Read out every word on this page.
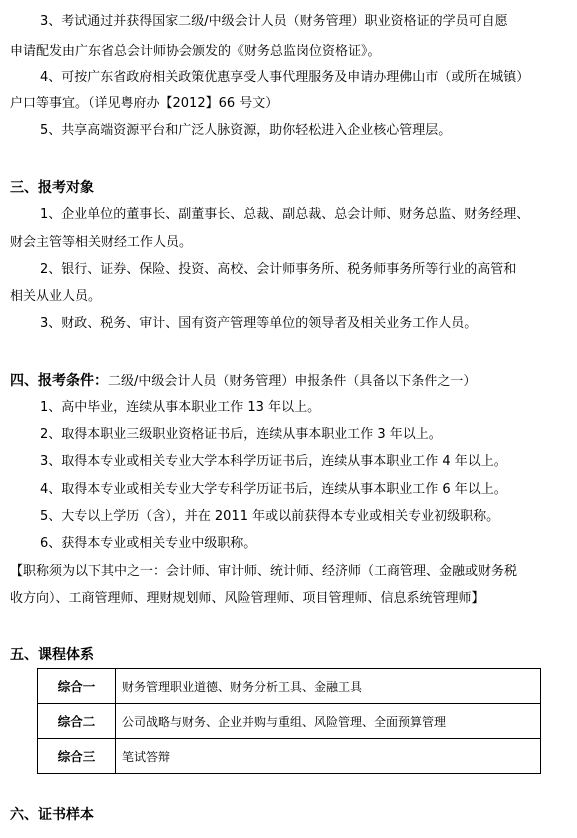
3、考试通过并获得国家二级/中级会计人员（财务管理）职业资格证的学员可自愿
申请配发由广东省总会计师协会颁发的《财务总监岗位资格证》。
4、可按广东省政府相关政策优惠享受人事代理服务及申请办理佛山市（或所在城镇）
户口等事宜。（详见粤府办【2012】66 号文）
5、共享高端资源平台和广泛人脉资源，助你轻松进入企业核心管理层。
三、报考对象
1、企业单位的董事长、副董事长、总裁、副总裁、总会计师、财务总监、财务经理、
财会主管等相关财经工作人员。
2、银行、证券、保险、投资、高校、会计师事务所、税务师事务所等行业的高管和
相关从业人员。
3、财政、税务、审计、国有资产管理等单位的领导者及相关业务工作人员。
四、报考条件：二级/中级会计人员（财务管理）申报条件（具备以下条件之一）
1、高中毕业，连续从事本职业工作 13 年以上。
2、取得本职业三级职业资格证书后，连续从事本职业工作 3 年以上。
3、取得本专业或相关专业大学本科学历证书后，连续从事本职业工作 4 年以上。
4、取得本专业或相关专业大学专科学历证书后，连续从事本职业工作 6 年以上。
5、大专以上学历（含），并在 2011 年或以前获得本专业或相关专业初级职称。
6、获得本专业或相关专业中级职称。
【职称须为以下其中之一：会计师、审计师、统计师、经济师（工商管理、金融或财务税
收方向）、工商管理师、理财规划师、风险管理师、项目管理师、信息系统管理师】
五、课程体系
综合一	财务管理职业道德、财务分析工具、金融工具
综合二	公司战略与财务、企业并购与重组、风险管理、全面预算管理
综合三	笔试答辩
六、证书样本
